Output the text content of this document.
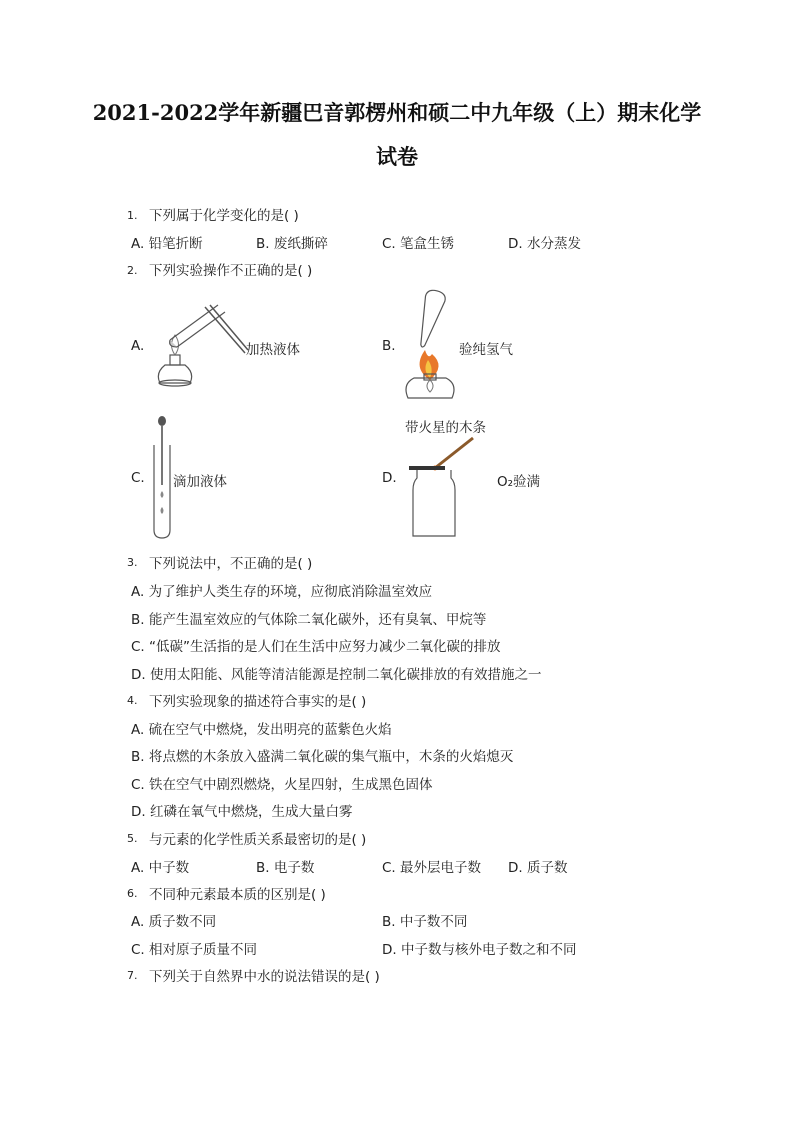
2021-2022学年新疆巴音郭楞州和硕二中九年级（上）期末化学
试卷
1. 下列属于化学变化的是( )
A. 铅笔折断	B. 废纸撕碎	C. 笔盒生锈	D. 水分蒸发
2. 下列实验操作不正确的是( )
A.	加热液体	B.	验纯氢气
C. 滴加液体
带火星的木条
D.	O₂验满
3. 下列说法中，不正确的是( )
A. 为了维护人类生存的环境，应彻底消除温室效应
B. 能产生温室效应的气体除二氧化碳外，还有臭氧、甲烷等
C. “低碳”生活指的是人们在生活中应努力减少二氧化碳的排放
D. 使用太阳能、风能等清洁能源是控制二氧化碳排放的有效措施之一
4. 下列实验现象的描述符合事实的是( )
A. 硫在空气中燃烧，发出明亮的蓝紫色火焰
B. 将点燃的木条放入盛满二氧化碳的集气瓶中，木条的火焰熄灭
C. 铁在空气中剧烈燃烧，火星四射，生成黑色固体
D. 红磷在氧气中燃烧，生成大量白雾
5. 与元素的化学性质关系最密切的是( )
A. 中子数	B. 电子数	C. 最外层电子数 D. 质子数
6. 不同种元素最本质的区别是( )
A. 质子数不同	B. 中子数不同
C. 相对原子质量不同	D. 中子数与核外电子数之和不同
7. 下列关于自然界中水的说法错误的是( )
